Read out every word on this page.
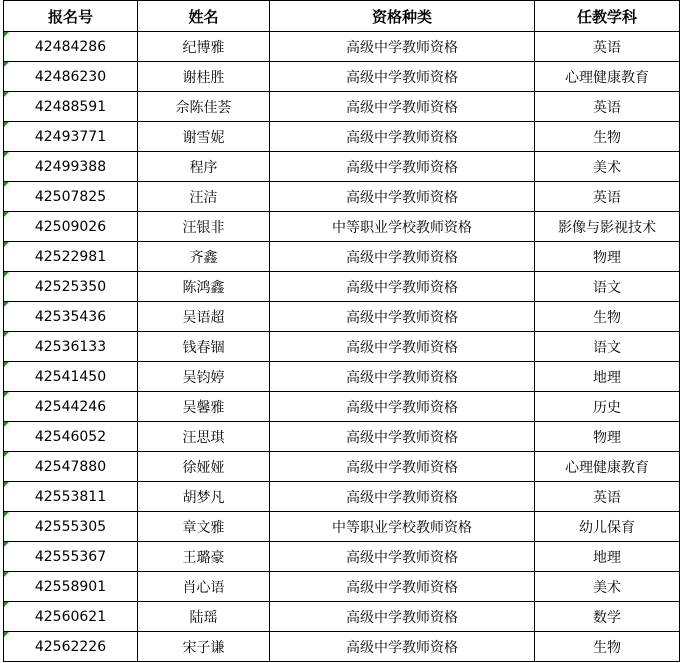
报名号	姓名	资格种类	任教学科
42484286	纪博雅	高级中学教师资格	英语
42486230	谢桂胜	高级中学教师资格	心理健康教育
42488591	佘陈佳荟	高级中学教师资格	英语
42493771	谢雪妮	高级中学教师资格	生物
42499388	程序	高级中学教师资格	美术
42507825	汪洁	高级中学教师资格	英语
42509026	汪银非	中等职业学校教师资格	影像与影视技术
42522981	齐鑫	高级中学教师资格	物理
42525350	陈鸿鑫	高级中学教师资格	语文
42535436	吴语超	高级中学教师资格	生物
42536133	钱春锢	高级中学教师资格	语文
42541450	吴钧婷	高级中学教师资格	地理
42544246	吴馨雅	高级中学教师资格	历史
42546052	汪思琪	高级中学教师资格	物理
42547880	徐娅娅	高级中学教师资格	心理健康教育
42553811	胡梦凡	高级中学教师资格	英语
42555305	章文雅	中等职业学校教师资格	幼儿保育
42555367	王璐豪	高级中学教师资格	地理
42558901	肖心语	高级中学教师资格	美术
42560621	陆瑶	高级中学教师资格	数学
42562226	宋子谦	高级中学教师资格	生物
